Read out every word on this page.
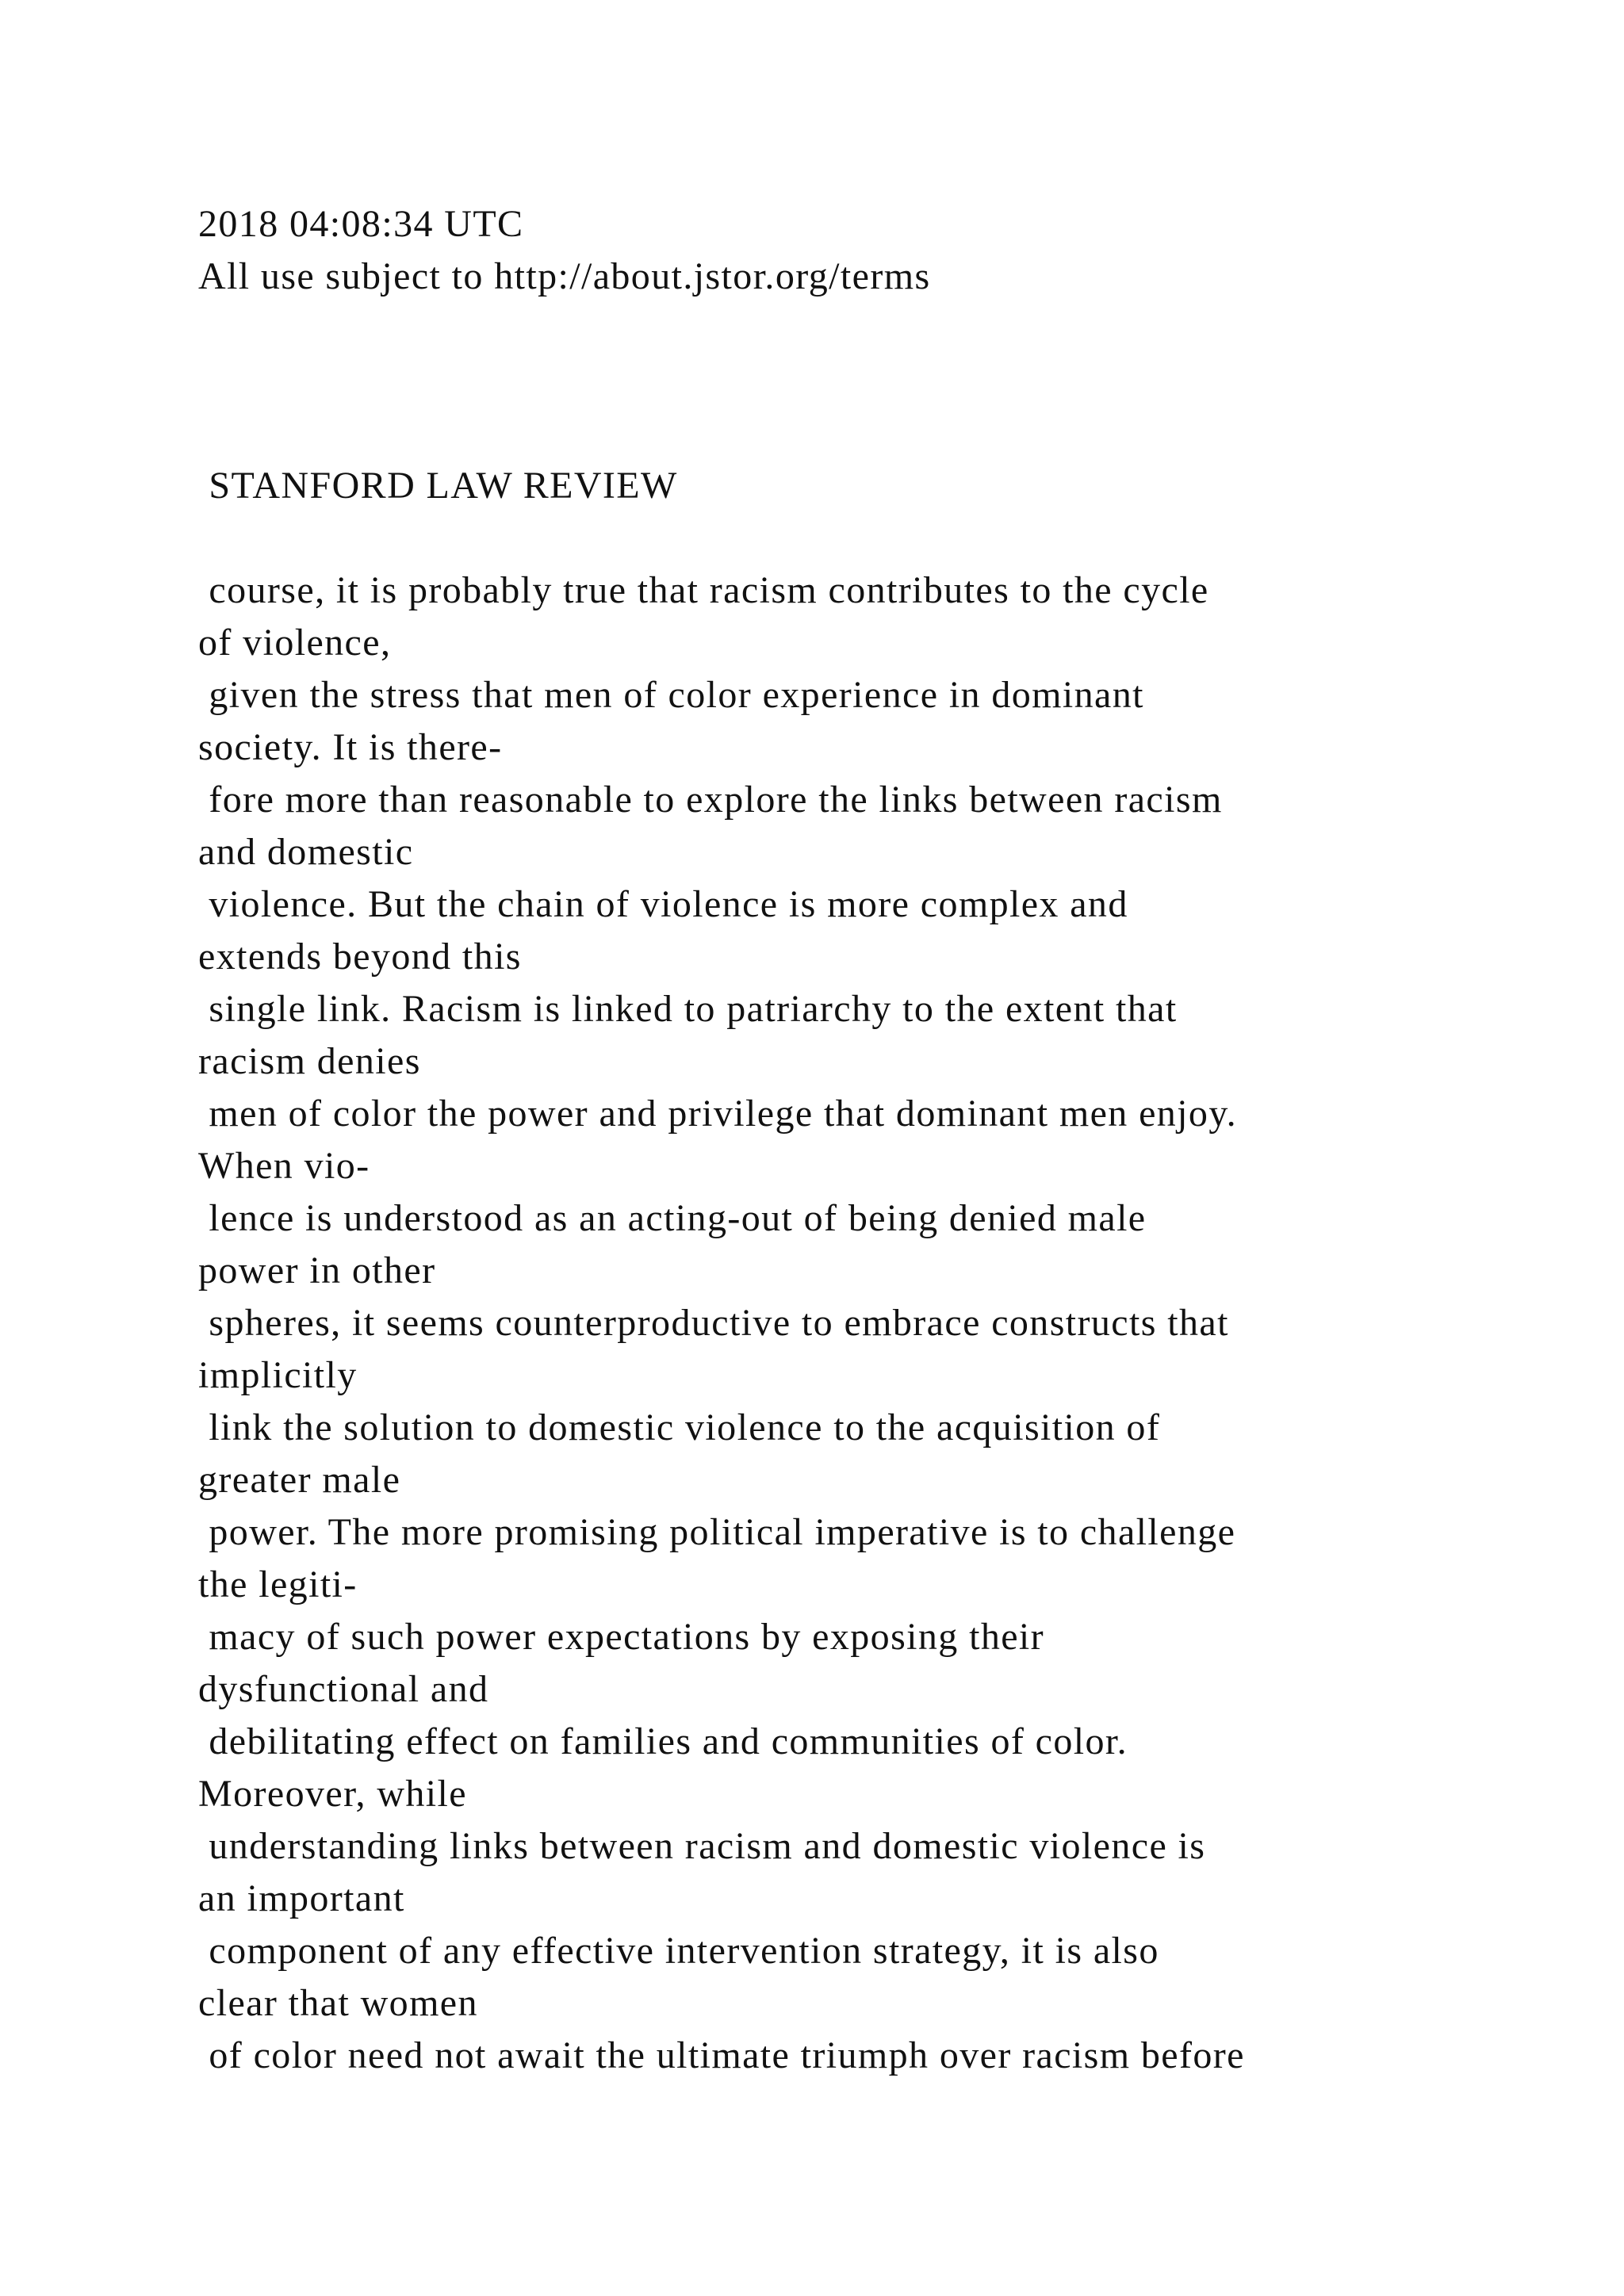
2018 04:08:34 UTC
All use subject to http://about.jstor.org/terms
STANFORD LAW REVIEW
course, it is probably true that racism contributes to the cycle
of violence,
given the stress that men of color experience in dominant
society. It is there-
fore more than reasonable to explore the links between racism
and domestic
violence. But the chain of violence is more complex and
extends beyond this
single link. Racism is linked to patriarchy to the extent that
racism denies
men of color the power and privilege that dominant men enjoy.
When vio-
lence is understood as an acting-out of being denied male
power in other
spheres, it seems counterproductive to embrace constructs that
implicitly
link the solution to domestic violence to the acquisition of
greater male
power. The more promising political imperative is to challenge
the legiti-
macy of such power expectations by exposing their
dysfunctional and
debilitating effect on families and communities of color.
Moreover, while
understanding links between racism and domestic violence is
an important
component of any effective intervention strategy, it is also
clear that women
of color need not await the ultimate triumph over racism before
